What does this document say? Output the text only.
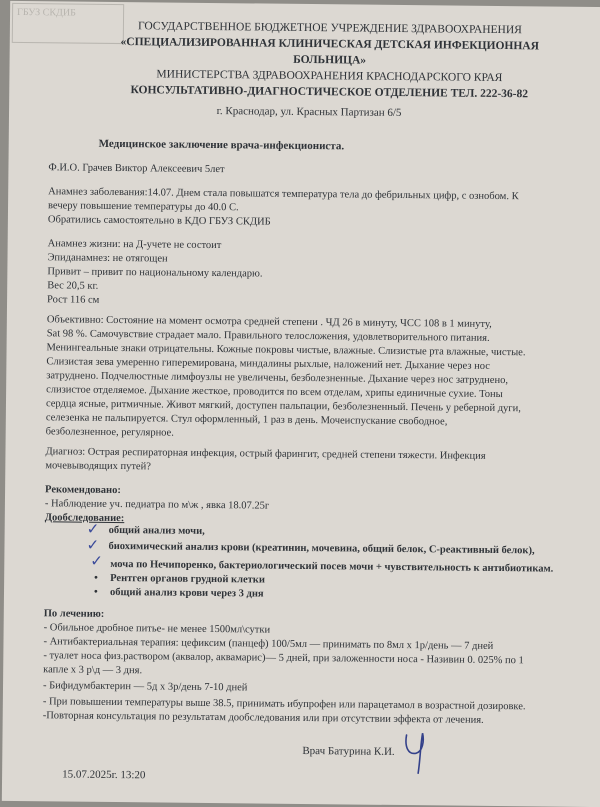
ГБУЗ СКДИБ
ГОСУДАРСТВЕННОЕ БЮДЖЕТНОЕ УЧРЕЖДЕНИЕ ЗДРАВООХРАНЕНИЯ
«СПЕЦИАЛИЗИРОВАННАЯ КЛИНИЧЕСКАЯ ДЕТСКАЯ ИНФЕКЦИОННАЯ БОЛЬНИЦА»
МИНИСТЕРСТВА ЗДРАВООХРАНЕНИЯ КРАСНОДАРСКОГО КРАЯ
КОНСУЛЬТАТИВНО-ДИАГНОСТИЧЕСКОЕ ОТДЕЛЕНИЕ ТЕЛ. 222-36-82
г. Краснодар, ул. Красных Партизан 6/5
Медицинское заключение врача-инфекциониста.
Ф.И.О. Грачев Виктор Алексеевич 5лет
Анамнез заболевания:14.07. Днем стала повышатся температура тела до фебрильных цифр, с ознобом. К
вечеру повышение температуры до 40.0 С.
Обратились самостоятельно в КДО ГБУЗ СКДИБ
Анамнез жизни: на Д-учете не состоит
Эпиданамнез: не отягощен
Привит – привит по национальному календарю.
Вес 20,5 кг.
Рост 116 см
Объективно: Состояние на момент осмотра средней степени . ЧД 26 в минуту, ЧСС 108 в 1 минуту,
Sat 98 %. Самочувствие страдает мало. Правильного телосложения, удовлетворительного питания.
Менингеальные знаки отрицательны. Кожные покровы чистые, влажные. Слизистые рта влажные, чистые.
Слизистая зева умеренно гиперемирована, миндалины рыхлые, наложений нет. Дыхание через нос
затруднено. Подчелюстные лимфоузлы не увеличены, безболезненные. Дыхание через нос затруднено,
слизистое отделяемое. Дыхание жесткое, проводится по всем отделам, хрипы единичные сухие. Тоны
сердца ясные, ритмичные. Живот мягкий, доступен пальпации, безболезненный. Печень у реберной дуги,
селезенка не пальпируется. Стул оформленный, 1 раз в день. Мочеиспускание свободное,
безболезненное, регулярное.
Диагноз: Острая респираторная инфекция, острый фарингит, средней степени тяжести. Инфекция
мочевыводящих путей?
Рекомендовано:
- Наблюдение уч. педиатра по м\ж , явка 18.07.25г
Дообследование:
✓ общий анализ мочи,
✓ биохимический анализ крови (креатинин, мочевина, общий белок, С-реактивный белок),
✓ моча по Нечипоренко, бактериологический посев мочи + чувствительность к антибиотикам.
• Рентген органов грудной клетки
• общий анализ крови через 3 дня
По лечению:
- Обильное дробное питье- не менее 1500мл\сутки
- Антибактериальная терапия: цефиксим (панцеф) 100/5мл — принимать по 8мл х 1р/день — 7 дней
- туалет носа физ.раствором (аквалор, аквамарис)— 5 дней, при заложенности носа - Називин 0. 025% по 1
капле х 3 р\д — 3 дня.
- Бифидумбактерин — 5д х 3р/день 7-10 дней
- При повышении температуры выше 38.5, принимать ибупрофен или парацетамол в возрастной дозировке.
-Повторная консультация по результатам дообследования или при отсутствии эффекта от лечения.
Врач Батурина К.И.
15.07.2025г. 13:20
